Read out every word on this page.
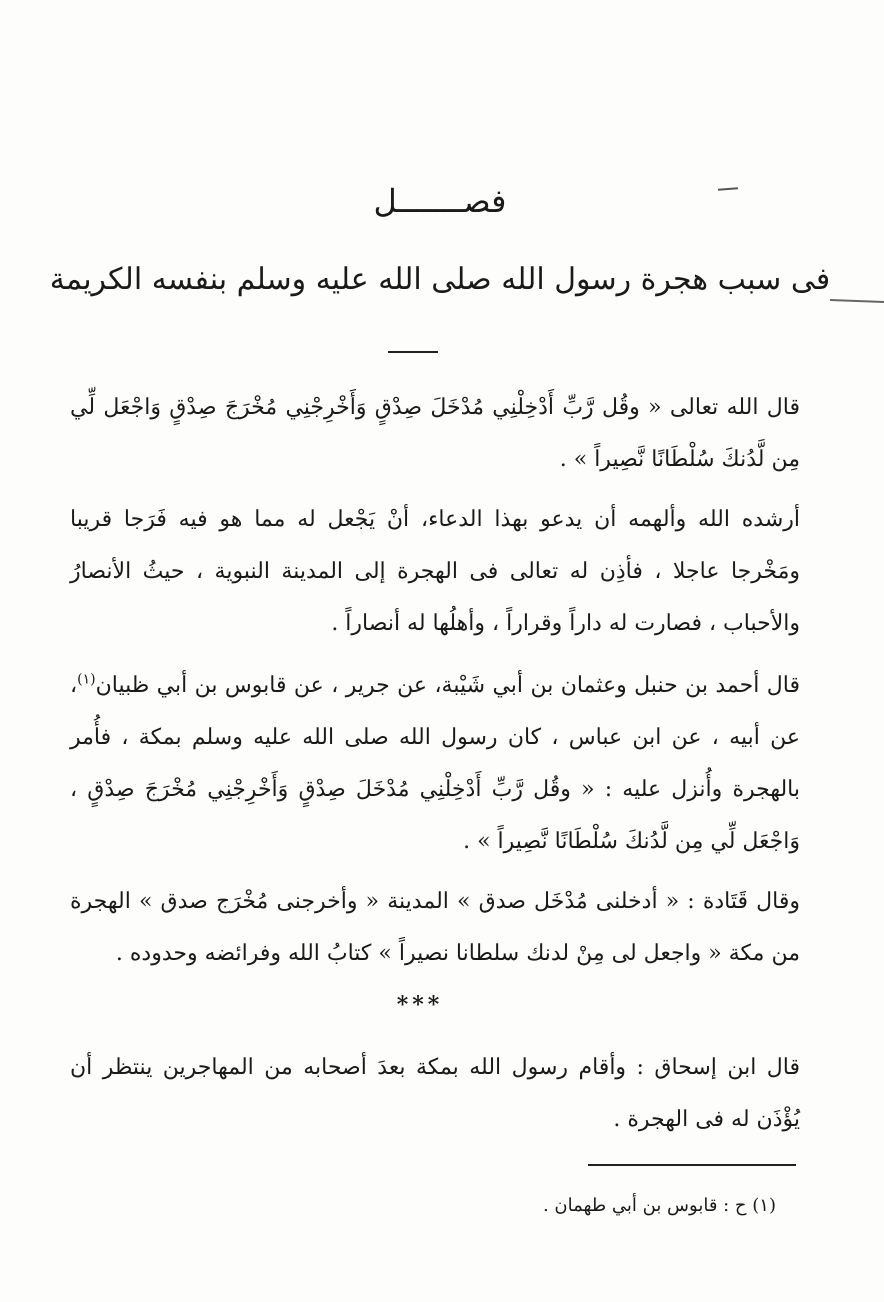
فصـــــــل
فى سبب هجرة رسول الله صلى الله عليه وسلم بنفسه الكريمة
قال الله تعالى « وقُل رَّبِّ أَدْخِلْنِي مُدْخَلَ صِدْقٍ وَأَخْرِجْنِي مُخْرَجَ صِدْقٍ وَاجْعَل لِّي مِن لَّدُنكَ سُلْطَانًا نَّصِيراً » .
أرشده الله وألهمه أن يدعو بهذا الدعاء، أنْ يَجْعل له مما هو فيه فَرَجا قريبا ومَخْرجا عاجلا ، فأذِن له تعالى فى الهجرة إلى المدينة النبوية ، حيثُ الأنصارُ والأحباب ، فصارت له داراً وقراراً ، وأهلُها له أنصاراً .
قال أحمد بن حنبل وعثمان بن أبي شَيْبة، عن جرير ، عن قابوس بن أبي ظبيان$^{(١)}$، عن أبيه ، عن ابن عباس ، كان رسول الله صلى الله عليه وسلم بمكة ، فأُمر بالهجرة وأُنزل عليه : « وقُل رَّبِّ أَدْخِلْنِي مُدْخَلَ صِدْقٍ وَأَخْرِجْنِي مُخْرَجَ صِدْقٍ ، وَاجْعَل لِّي مِن لَّدُنكَ سُلْطَانًا نَّصِيراً » .
وقال قَتَادة : « أدخلنى مُدْخَل صدق » المدينة « وأخرجنى مُخْرَج صدق » الهجرة من مكة « واجعل لى مِنْ لدنك سلطانا نصيراً » كتابُ الله وفرائضه وحدوده .
***
قال ابن إسحاق : وأقام رسول الله بمكة بعدَ أصحابه من المهاجرين ينتظر أن يُؤْذَن له فى الهجرة .
(١) ح : قابوس بن أبي طهمان .
